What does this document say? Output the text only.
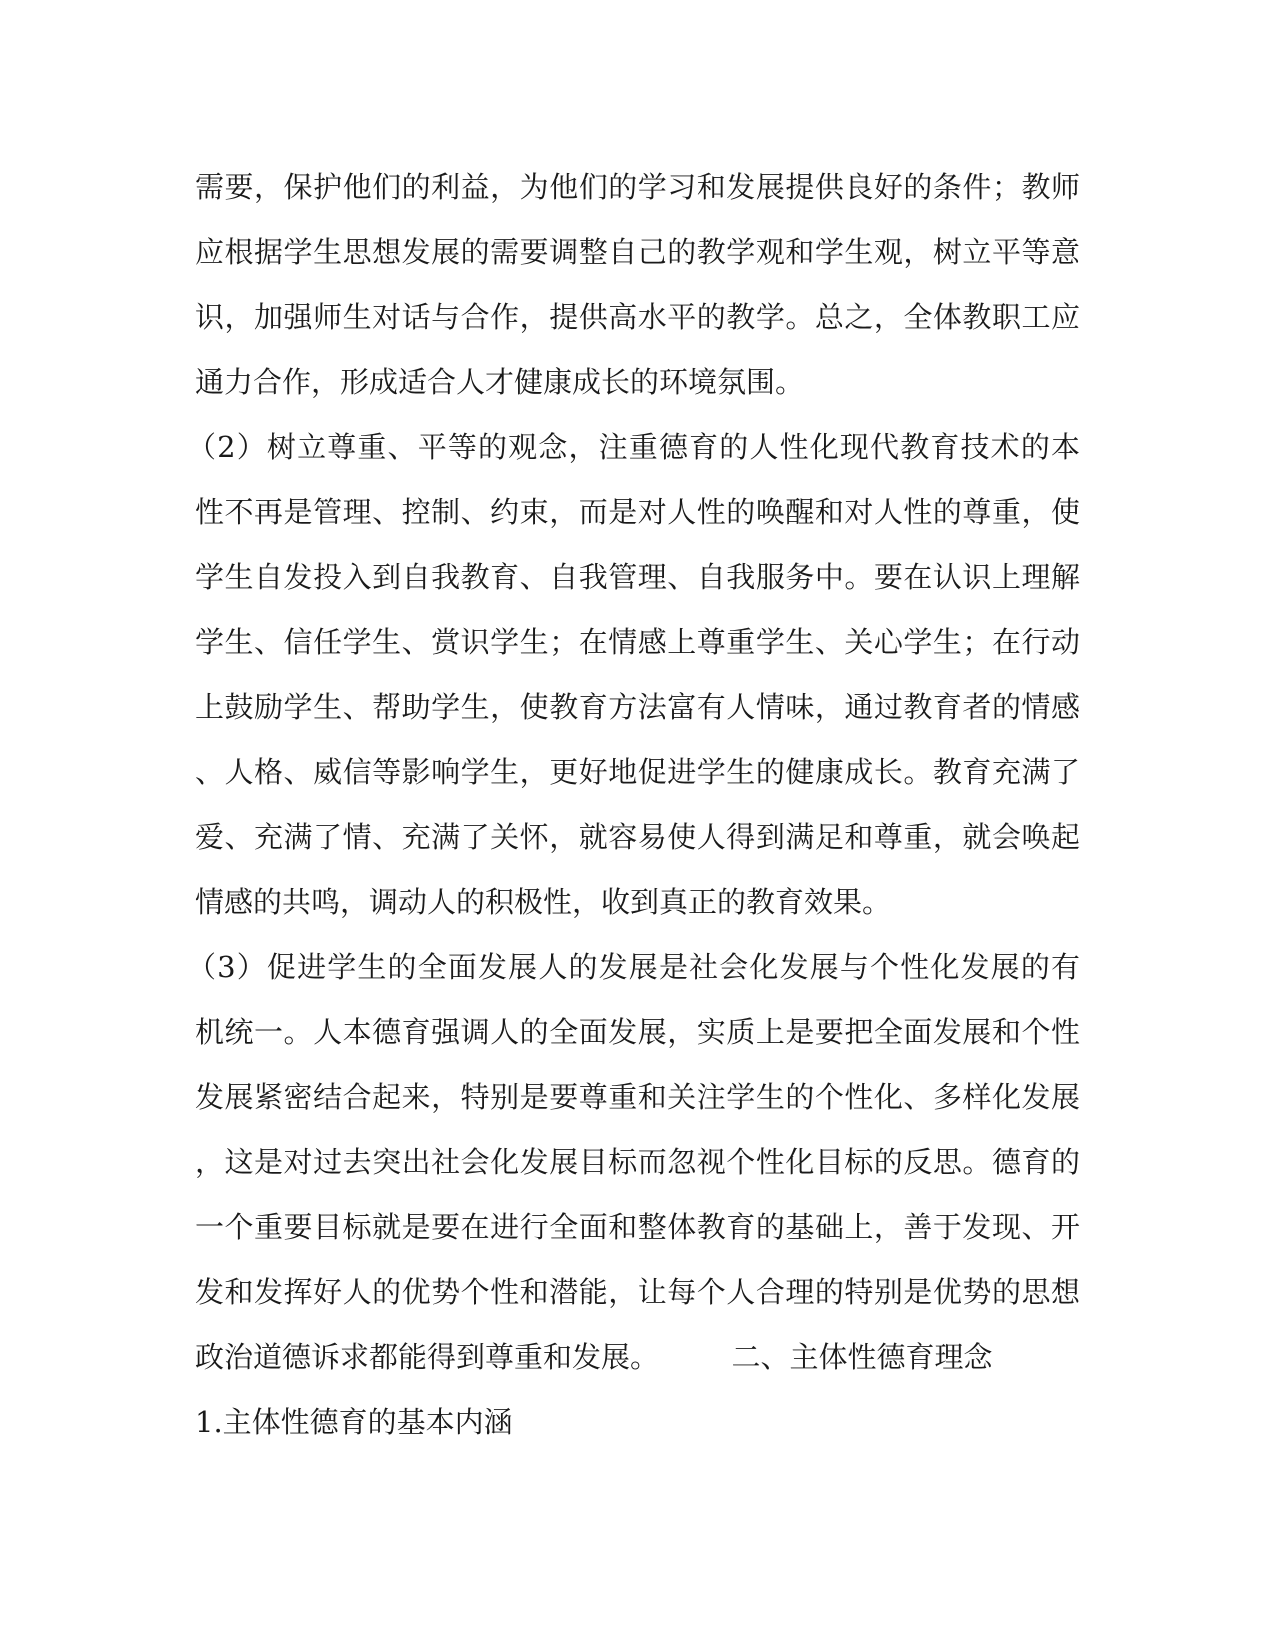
需要，保护他们的利益，为他们的学习和发展提供良好的条件；教师
应根据学生思想发展的需要调整自己的教学观和学生观，树立平等意
识，加强师生对话与合作，提供高水平的教学。总之，全体教职工应
通力合作，形成适合人才健康成长的环境氛围。
（2）树立尊重、平等的观念，注重德育的人性化现代教育技术的本
性不再是管理、控制、约束，而是对人性的唤醒和对人性的尊重，使
学生自发投入到自我教育、自我管理、自我服务中。要在认识上理解
学生、信任学生、赏识学生；在情感上尊重学生、关心学生；在行动
上鼓励学生、帮助学生，使教育方法富有人情味，通过教育者的情感
、人格、威信等影响学生，更好地促进学生的健康成长。教育充满了
爱、充满了情、充满了关怀，就容易使人得到满足和尊重，就会唤起
情感的共鸣，调动人的积极性，收到真正的教育效果。
（3）促进学生的全面发展人的发展是社会化发展与个性化发展的有
机统一。人本德育强调人的全面发展，实质上是要把全面发展和个性
发展紧密结合起来，特别是要尊重和关注学生的个性化、多样化发展
，这是对过去突出社会化发展目标而忽视个性化目标的反思。德育的
一个重要目标就是要在进行全面和整体教育的基础上，善于发现、开
发和发挥好人的优势个性和潜能，让每个人合理的特别是优势的思想
政治道德诉求都能得到尊重和发展。　　　二、主体性德育理念
1.主体性德育的基本内涵
